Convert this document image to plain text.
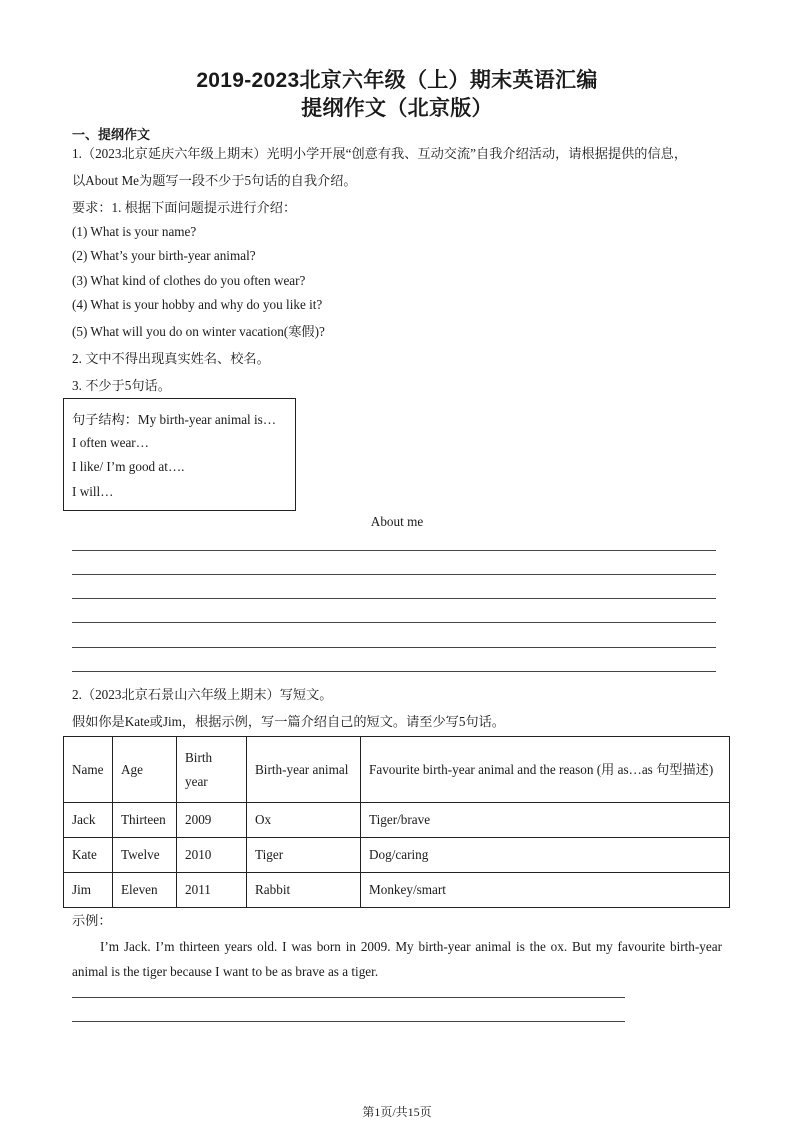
2019-2023北京六年级（上）期末英语汇编
提纲作文（北京版）
一、提纲作文
1.（2023北京延庆六年级上期末）光明小学开展“创意有我、互动交流”自我介绍活动，请根据提供的信息，
以About Me为题写一段不少于5句话的自我介绍。
要求：1. 根据下面问题提示进行介绍：
(1) What is your name?
(2) What’s your birth-year animal?
(3) What kind of clothes do you often wear?
(4) What is your hobby and why do you like it?
(5) What will you do on winter vacation(寒假)?
2. 文中不得出现真实姓名、校名。
3. 不少于5句话。
句子结构：My birth-year animal is…
I often wear…
I like/ I’m good at….
I will…
About me
2.（2023北京石景山六年级上期末）写短文。
假如你是Kate或Jim，根据示例，写一篇介绍自己的短文。请至少写5句话。
Name	Age	Birth year	Birth-year animal	Favourite birth-year animal and the reason (用 as…as 句型描述)
Jack	Thirteen	2009	Ox	Tiger/brave
Kate	Twelve	2010	Tiger	Dog/caring
Jim	Eleven	2011	Rabbit	Monkey/smart
示例：
I’m Jack. I’m thirteen years old. I was born in 2009. My birth-year animal is the ox. But my favourite birth-year animal is the tiger because I want to be as brave as a tiger.
第1页/共15页
